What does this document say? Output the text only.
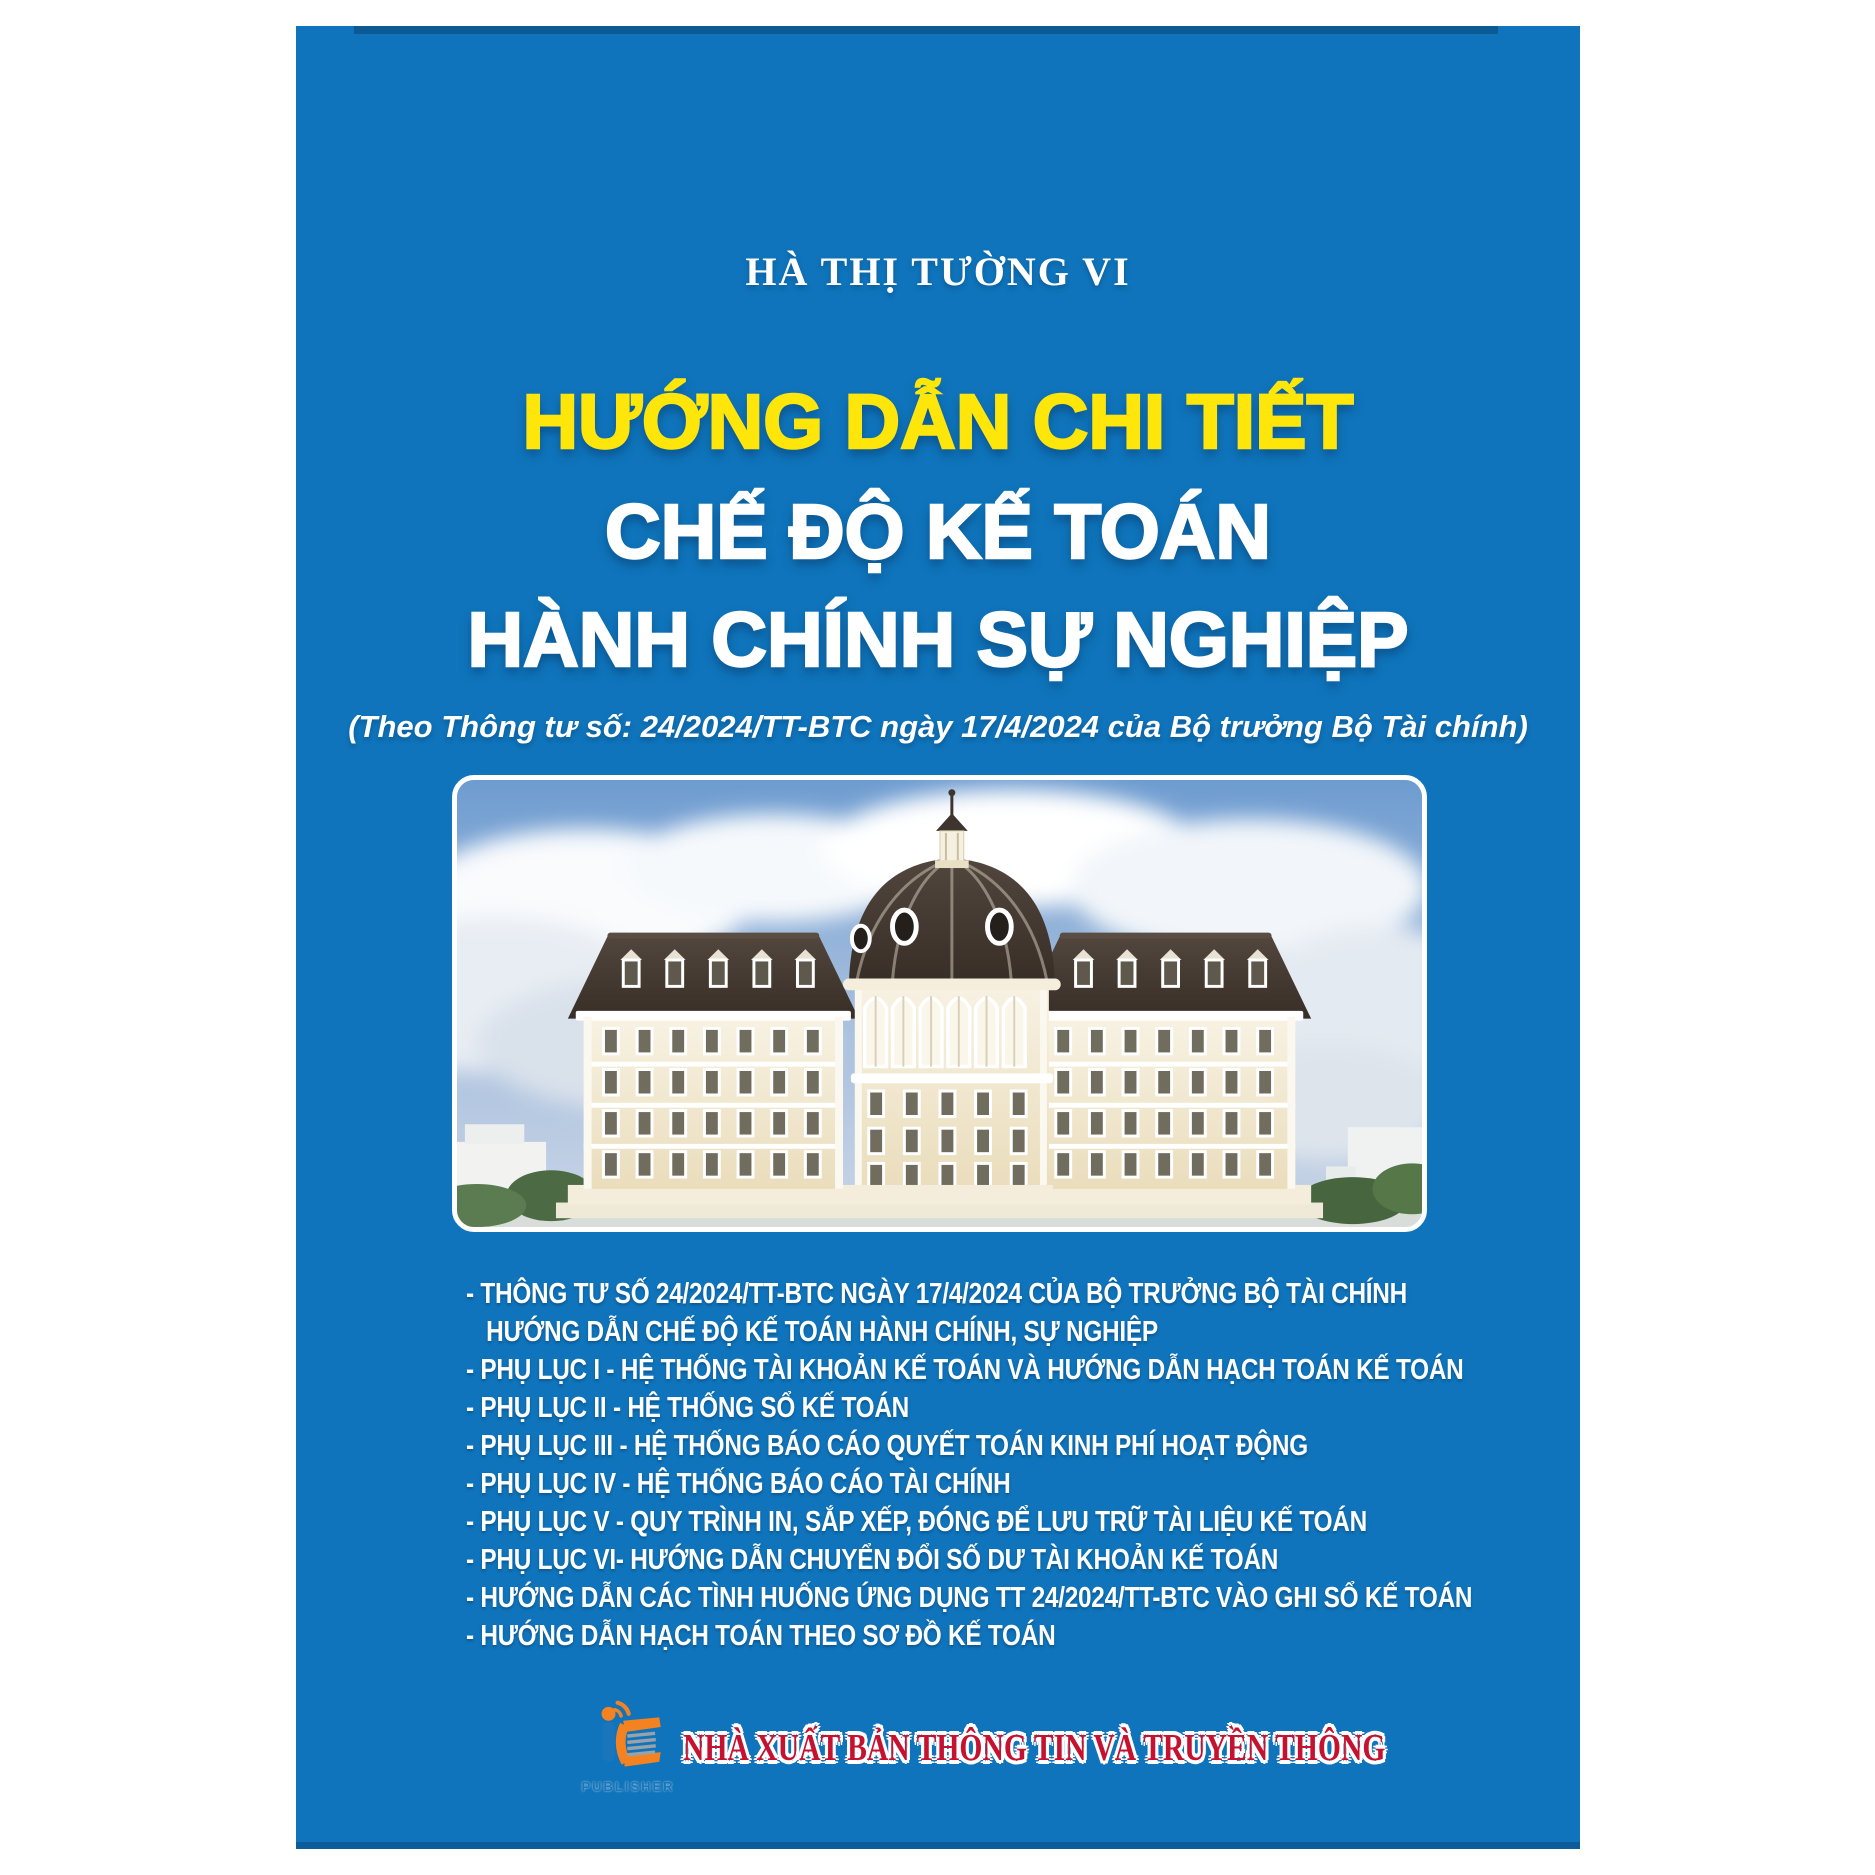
HÀ THỊ TƯỜNG VI
HƯỚNG DẪN CHI TIẾT
CHẾ ĐỘ KẾ TOÁN
HÀNH CHÍNH SỰ NGHIỆP
(Theo Thông tư số: 24/2024/TT-BTC ngày 17/4/2024 của Bộ trưởng Bộ Tài chính)
- THÔNG TƯ SỐ 24/2024/TT-BTC NGÀY 17/4/2024 CỦA BỘ TRƯỞNG BỘ TÀI CHÍNH
HƯỚNG DẪN CHẾ ĐỘ KẾ TOÁN HÀNH CHÍNH, SỰ NGHIỆP
- PHỤ LỤC I - HỆ THỐNG TÀI KHOẢN KẾ TOÁN VÀ HƯỚNG DẪN HẠCH TOÁN KẾ TOÁN
- PHỤ LỤC II - HỆ THỐNG SỔ KẾ TOÁN
- PHỤ LỤC III - HỆ THỐNG BÁO CÁO QUYẾT TOÁN KINH PHÍ HOẠT ĐỘNG
- PHỤ LỤC IV - HỆ THỐNG BÁO CÁO TÀI CHÍNH
- PHỤ LỤC V - QUY TRÌNH IN, SẮP XẾP, ĐÓNG ĐỂ LƯU TRỮ TÀI LIỆU KẾ TOÁN
- PHỤ LỤC VI- HƯỚNG DẪN CHUYỂN ĐỔI SỐ DƯ TÀI KHOẢN KẾ TOÁN
- HƯỚNG DẪN CÁC TÌNH HUỐNG ỨNG DỤNG TT 24/2024/TT-BTC VÀO GHI SỔ KẾ TOÁN
- HƯỚNG DẪN HẠCH TOÁN THEO SƠ ĐỒ KẾ TOÁN
PUBLISHER
NHÀ XUẤT BẢN THÔNG TIN VÀ TRUYỀN THÔNG
